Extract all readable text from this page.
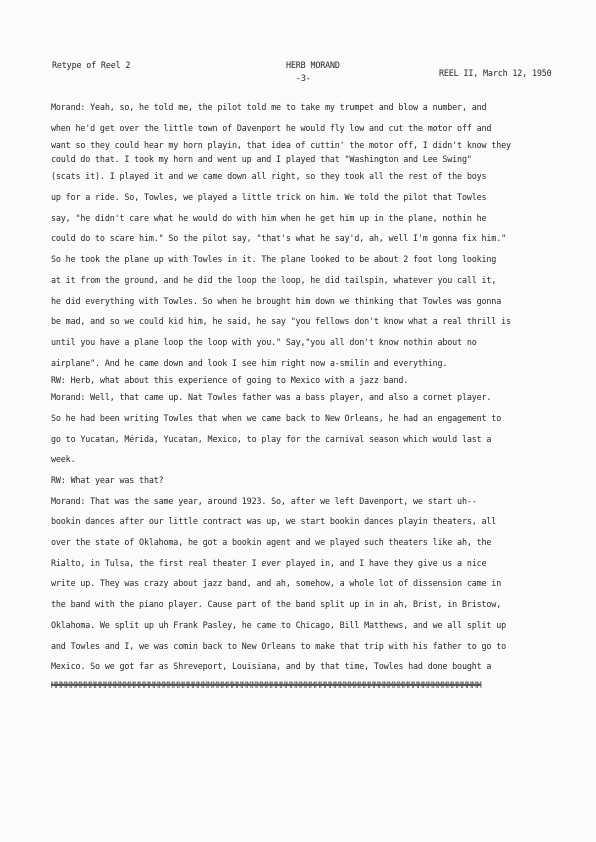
Retype of Reel 2	HERB MORAND
-3-	REEL II, March 12, 1950
Morand: Yeah, so, he told me, the pilot told me to take my trumpet and blow a number, and
when he'd get over the little town of Davenport he would fly low and cut the motor off and
want so they could hear my horn playin, that idea of cuttin' the motor off, I didn't know they
could do that. I took my horn and went up and I played that "Washington and Lee Swing"
(scats it). I played it and we came down all right, so they took all the rest of the boys
up for a ride. So, Towles, we played a little trick on him. We told the pilot that Towles
say, "he didn't care what he would do with him when he get him up in the plane, nothin he
could do to scare him." So the pilot say, "that's what he say'd, ah, well I'm gonna fix him."
So he took the plane up with Towles in it. The plane looked to be about 2 foot long looking
at it from the ground, and he did the loop the loop, he did tailspin, whatever you call it,
he did everything with Towles. So when he brought him down we thinking that Towles was gonna
be mad, and so we could kid him, he said, he say "you fellows don't know what a real thrill is
until you have a plane loop the loop with you." Say,"you all don't know nothin about no
airplane". And he came down and look I see him right now a-smilin and everything.
RW: Herb, what about this experience of going to Mexico with a jazz band.
Morand: Well, that came up. Nat Towles father was a bass player, and also a cornet player.
So he had been writing Towles that when we came back to New Orleans, he had an engagement to
go to Yucatan, Mérida, Yucatan, Mexico, to play for the carnival season which would last a
week.
RW: What year was that?
Morand: That was the same year, around 1923. So, after we left Davenport, we start uh--
bookin dances after our little contract was up, we start bookin dances playin theaters, all
over the state of Oklahoma, he got a bookin agent and we played such theaters like ah, the
Rialto, in Tulsa, the first real theater I ever played in, and I have they give us a nice
write up. They was crazy about jazz band, and ah, somehow, a whole lot of dissension came in
the band with the piano player. Cause part of the band split up in in ah, Brist, in Bristow,
Oklahoma. We split up uh Frank Pasley, he came to Chicago, Bill Matthews, and we all split up
and Towles and I, we was comin back to New Orleans to make that trip with his father to go to
Mexico. So we got far as Shreveport, Louisiana, and by that time, Towles had done bought a
MMMMMMMMMMMMMMMMMMMMMMMMMMMMMMMMMMMMMMMMMMMMMMMMMMMMMMMMMMMMMMMMMMMMMMMMMMMMMMMMMMMMMMMM
